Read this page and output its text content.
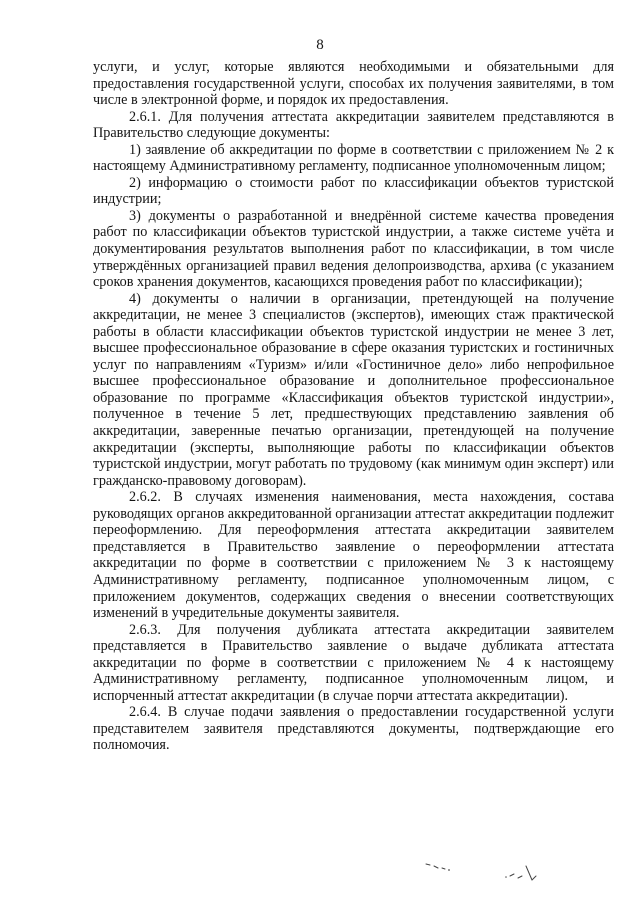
8

услуги, и услуг, которые являются необходимыми и обязательными для предоставления государственной услуги, способах их получения заявителями, в том числе в электронной форме, и порядок их предоставления.

2.6.1. Для получения аттестата аккредитации заявителем представляются в Правительство следующие документы:

1) заявление об аккредитации по форме в соответствии с приложением № 2 к настоящему Административному регламенту, подписанное уполномоченным лицом;

2) информацию о стоимости работ по классификации объектов туристской индустрии;

3) документы о разработанной и внедрённой системе качества проведения работ по классификации объектов туристской индустрии, а также системе учёта и документирования результатов выполнения работ по классификации, в том числе утверждённых организацией правил ведения делопроизводства, архива (с указанием сроков хранения документов, касающихся проведения работ по классификации);

4) документы о наличии в организации, претендующей на получение аккредитации, не менее 3 специалистов (экспертов), имеющих стаж практической работы в области классификации объектов туристской индустрии не менее 3 лет, высшее профессиональное образование в сфере оказания туристских и гостиничных услуг по направлениям «Туризм» и/или «Гостиничное дело» либо непрофильное высшее профессиональное образование и дополнительное профессиональное образование по программе «Классификация объектов туристской индустрии», полученное в течение 5 лет, предшествующих представлению заявления об аккредитации, заверенные печатью организации, претендующей на получение аккредитации (эксперты, выполняющие работы по классификации объектов туристской индустрии, могут работать по трудовому (как минимум один эксперт) или гражданско-правовому договорам).

2.6.2. В случаях изменения наименования, места нахождения, состава руководящих органов аккредитованной организации аттестат аккредитации подлежит переоформлению. Для переоформления аттестата аккредитации заявителем представляется в Правительство заявление о переоформлении аттестата аккредитации по форме в соответствии с приложением № 3 к настоящему Административному регламенту, подписанное уполномоченным лицом, с приложением документов, содержащих сведения о внесении соответствующих изменений в учредительные документы заявителя.

2.6.3. Для получения дубликата аттестата аккредитации заявителем представляется в Правительство заявление о выдаче дубликата аттестата аккредитации по форме в соответствии с приложением № 4 к настоящему Административному регламенту, подписанное уполномоченным лицом, и испорченный аттестат аккредитации (в случае порчи аттестата аккредитации).

2.6.4. В случае подачи заявления о предоставлении государственной услуги представителем заявителя представляются документы, подтверждающие его полномочия.
